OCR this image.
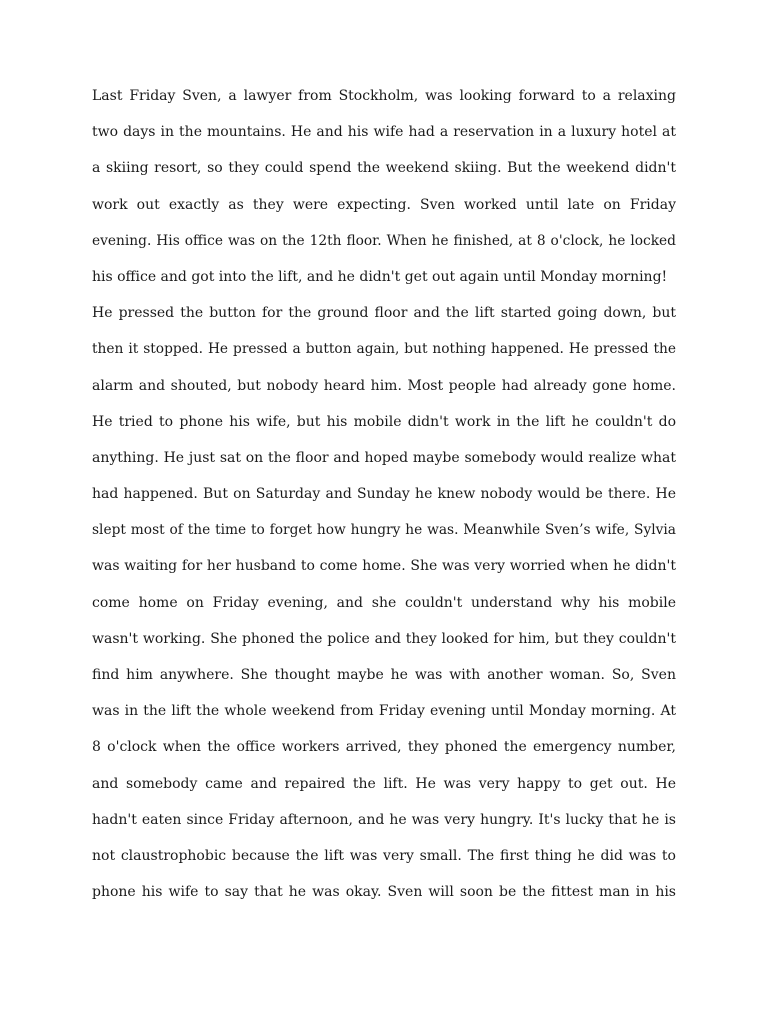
Last Friday Sven, a lawyer from Stockholm, was looking forward to a relaxing
two days in the mountains. He and his wife had a reservation in a luxury hotel at
a skiing resort, so they could spend the weekend skiing. But the weekend didn't
work out exactly as they were expecting. Sven worked until late on Friday
evening. His office was on the 12th floor. When he finished, at 8 o'clock, he locked
his office and got into the lift, and he didn't get out again until Monday morning!
He pressed the button for the ground floor and the lift started going down, but
then it stopped. He pressed a button again, but nothing happened. He pressed the
alarm and shouted, but nobody heard him. Most people had already gone home.
He tried to phone his wife, but his mobile didn't work in the lift he couldn't do
anything. He just sat on the floor and hoped maybe somebody would realize what
had happened. But on Saturday and Sunday he knew nobody would be there. He
slept most of the time to forget how hungry he was. Meanwhile Sven’s wife, Sylvia
was waiting for her husband to come home. She was very worried when he didn't
come home on Friday evening, and she couldn't understand why his mobile
wasn't working. She phoned the police and they looked for him, but they couldn't
find him anywhere. She thought maybe he was with another woman. So, Sven
was in the lift the whole weekend from Friday evening until Monday morning. At
8 o'clock when the office workers arrived, they phoned the emergency number,
and somebody came and repaired the lift. He was very happy to get out. He
hadn't eaten since Friday afternoon, and he was very hungry. It's lucky that he is
not claustrophobic because the lift was very small. The first thing he did was to
phone his wife to say that he was okay. Sven will soon be the fittest man in his
